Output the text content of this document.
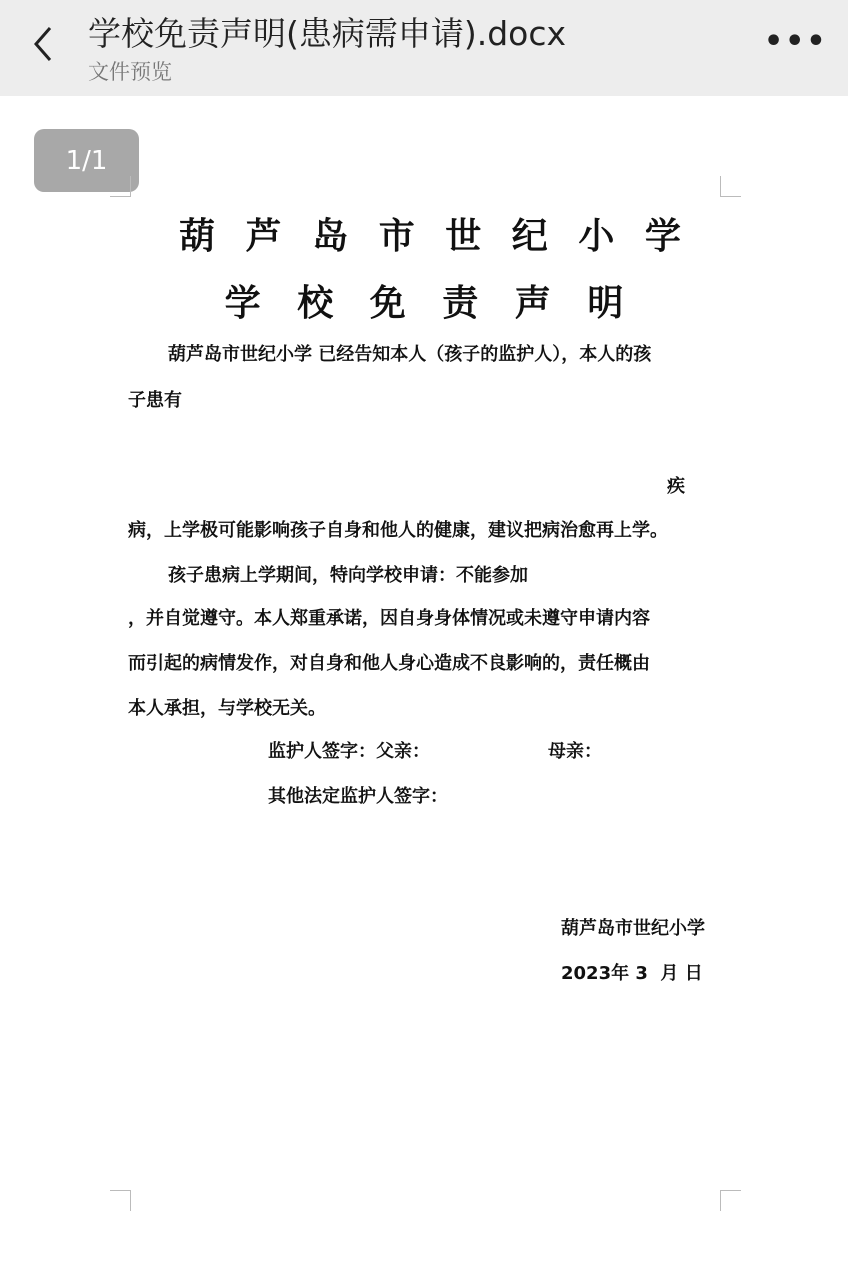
学校免责声明(患病需申请).docx
文件预览
•••
1/1
葫 芦 岛 市 世 纪 小 学
学 校 免 责 声 明
葫芦岛市世纪小学 已经告知本人（孩子的监护人），本人的孩
子患有
疾
病，上学极可能影响孩子自身和他人的健康，建议把病治愈再上学。
孩子患病上学期间，特向学校申请：不能参加
，并自觉遵守。本人郑重承诺，因自身身体情况或未遵守申请内容
而引起的病情发作，对自身和他人身心造成不良影响的，责任概由
本人承担，与学校无关。
监护人签字：父亲：	母亲：
其他法定监护人签字：
葫芦岛市世纪小学
2023年 3  月 日
